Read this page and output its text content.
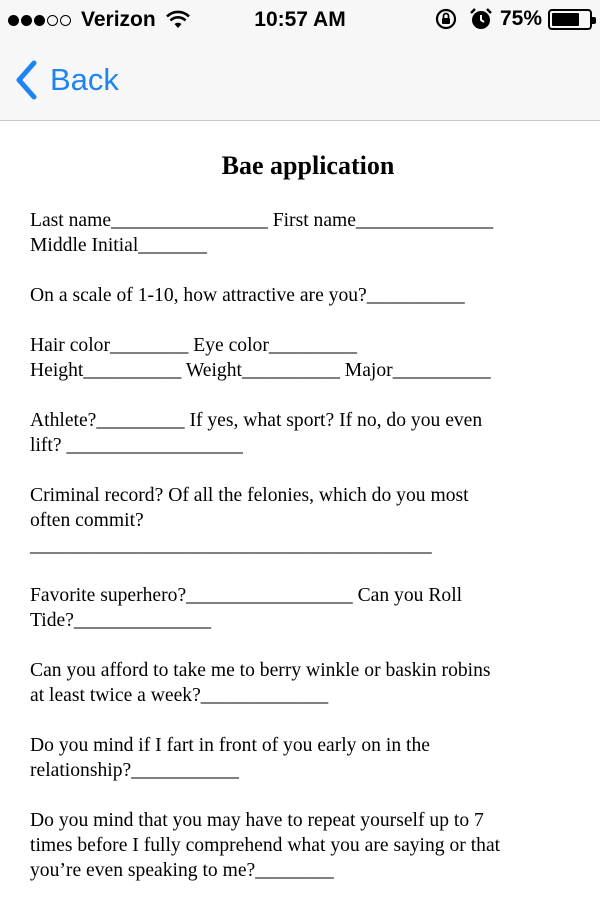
Verizon	10:57 AM	75%
Back
Bae application
Last name________________ First name______________
Middle Initial_______
On a scale of 1-10, how attractive are you?__________
Hair color________ Eye color_________
Height__________ Weight__________ Major__________
Athlete?_________ If yes, what sport? If no, do you even
lift? __________________
Criminal record? Of all the felonies, which do you most
often commit?
_________________________________________
Favorite superhero?_________________ Can you Roll
Tide?______________
Can you afford to take me to berry winkle or baskin robins
at least twice a week?_____________
Do you mind if I fart in front of you early on in the
relationship?___________
Do you mind that you may have to repeat yourself up to 7
times before I fully comprehend what you are saying or that
you’re even speaking to me?________
